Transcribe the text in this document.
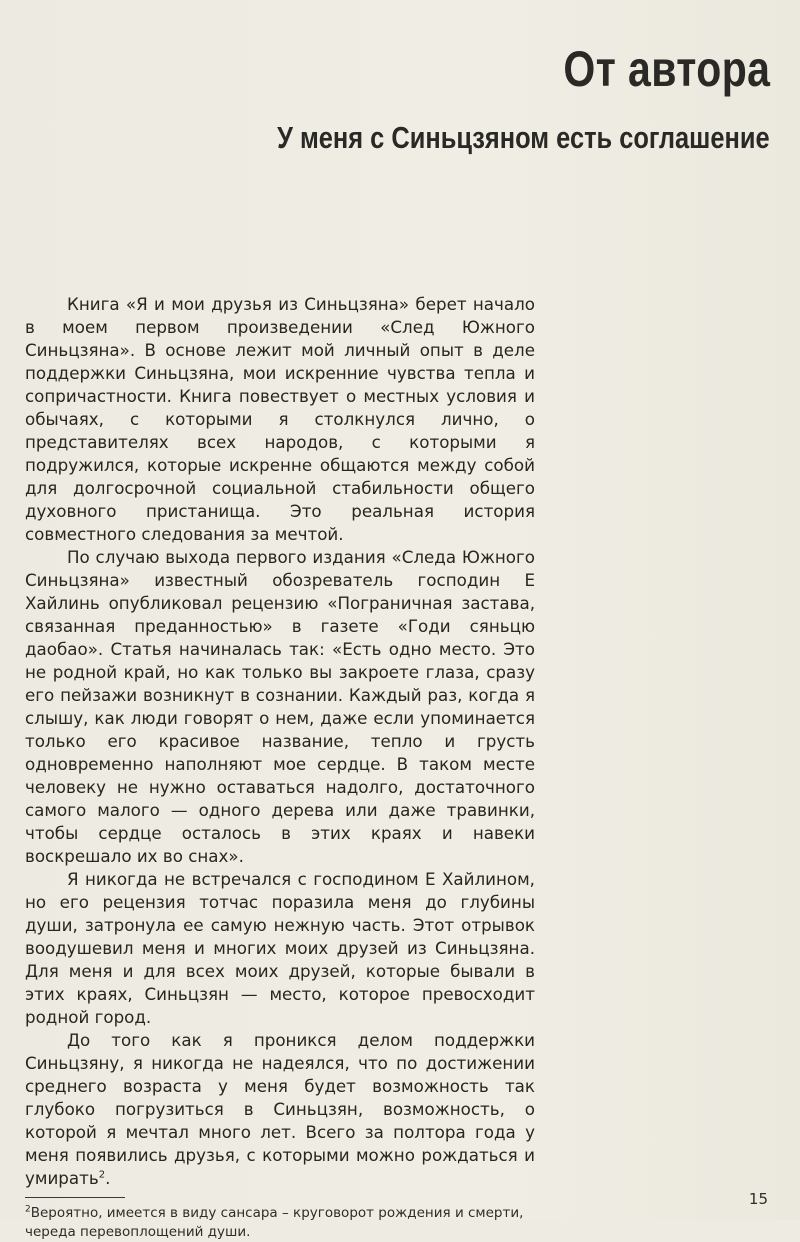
От автора
У меня с Синьцзяном есть соглашение

Книга «Я и мои друзья из Синьцзяна» берет начало в моем первом произведении «След Южного Синьцзяна». В основе лежит мой личный опыт в деле поддержки Синьцзяна, мои искренние чувства тепла и сопричастности. Книга повествует о местных условия и обычаях, с которыми я столкнулся лично, о представителях всех народов, с которыми я подружился, которые искренне общаются между собой для долгосрочной социальной стабильности общего духовного пристанища. Это реальная история совместного следования за мечтой.

По случаю выхода первого издания «Следа Южного Синьцзяна» известный обозреватель господин Е Хайлинь опубликовал рецензию «Пограничная застава, связанная преданностью» в газете «Годи сяньцю даобао». Статья начиналась так: «Есть одно место. Это не родной край, но как только вы закроете глаза, сразу его пейзажи возникнут в сознании. Каждый раз, когда я слышу, как люди говорят о нем, даже если упоминается только его красивое название, тепло и грусть одновременно наполняют мое сердце. В таком месте человеку не нужно оставаться надолго, достаточного самого малого — одного дерева или даже травинки, чтобы сердце осталось в этих краях и навеки воскрешало их во снах».

Я никогда не встречался с господином Е Хайлином, но его рецензия тотчас поразила меня до глубины души, затронула ее самую нежную часть. Этот отрывок воодушевил меня и многих моих друзей из Синьцзяна. Для меня и для всех моих друзей, которые бывали в этих краях, Синьцзян — место, которое превосходит родной город.

До того как я проникся делом поддержки Синьцзяну, я никогда не надеялся, что по достижении среднего возраста у меня будет возможность так глубоко погрузиться в Синьцзян, возможность, о которой я мечтал много лет. Всего за полтора года у меня появились друзья, с которыми можно рождаться и умирать$^2$.

$^2$Вероятно, имеется в виду сансара – круговорот рождения и смерти, череда перевоплощений души.
15
